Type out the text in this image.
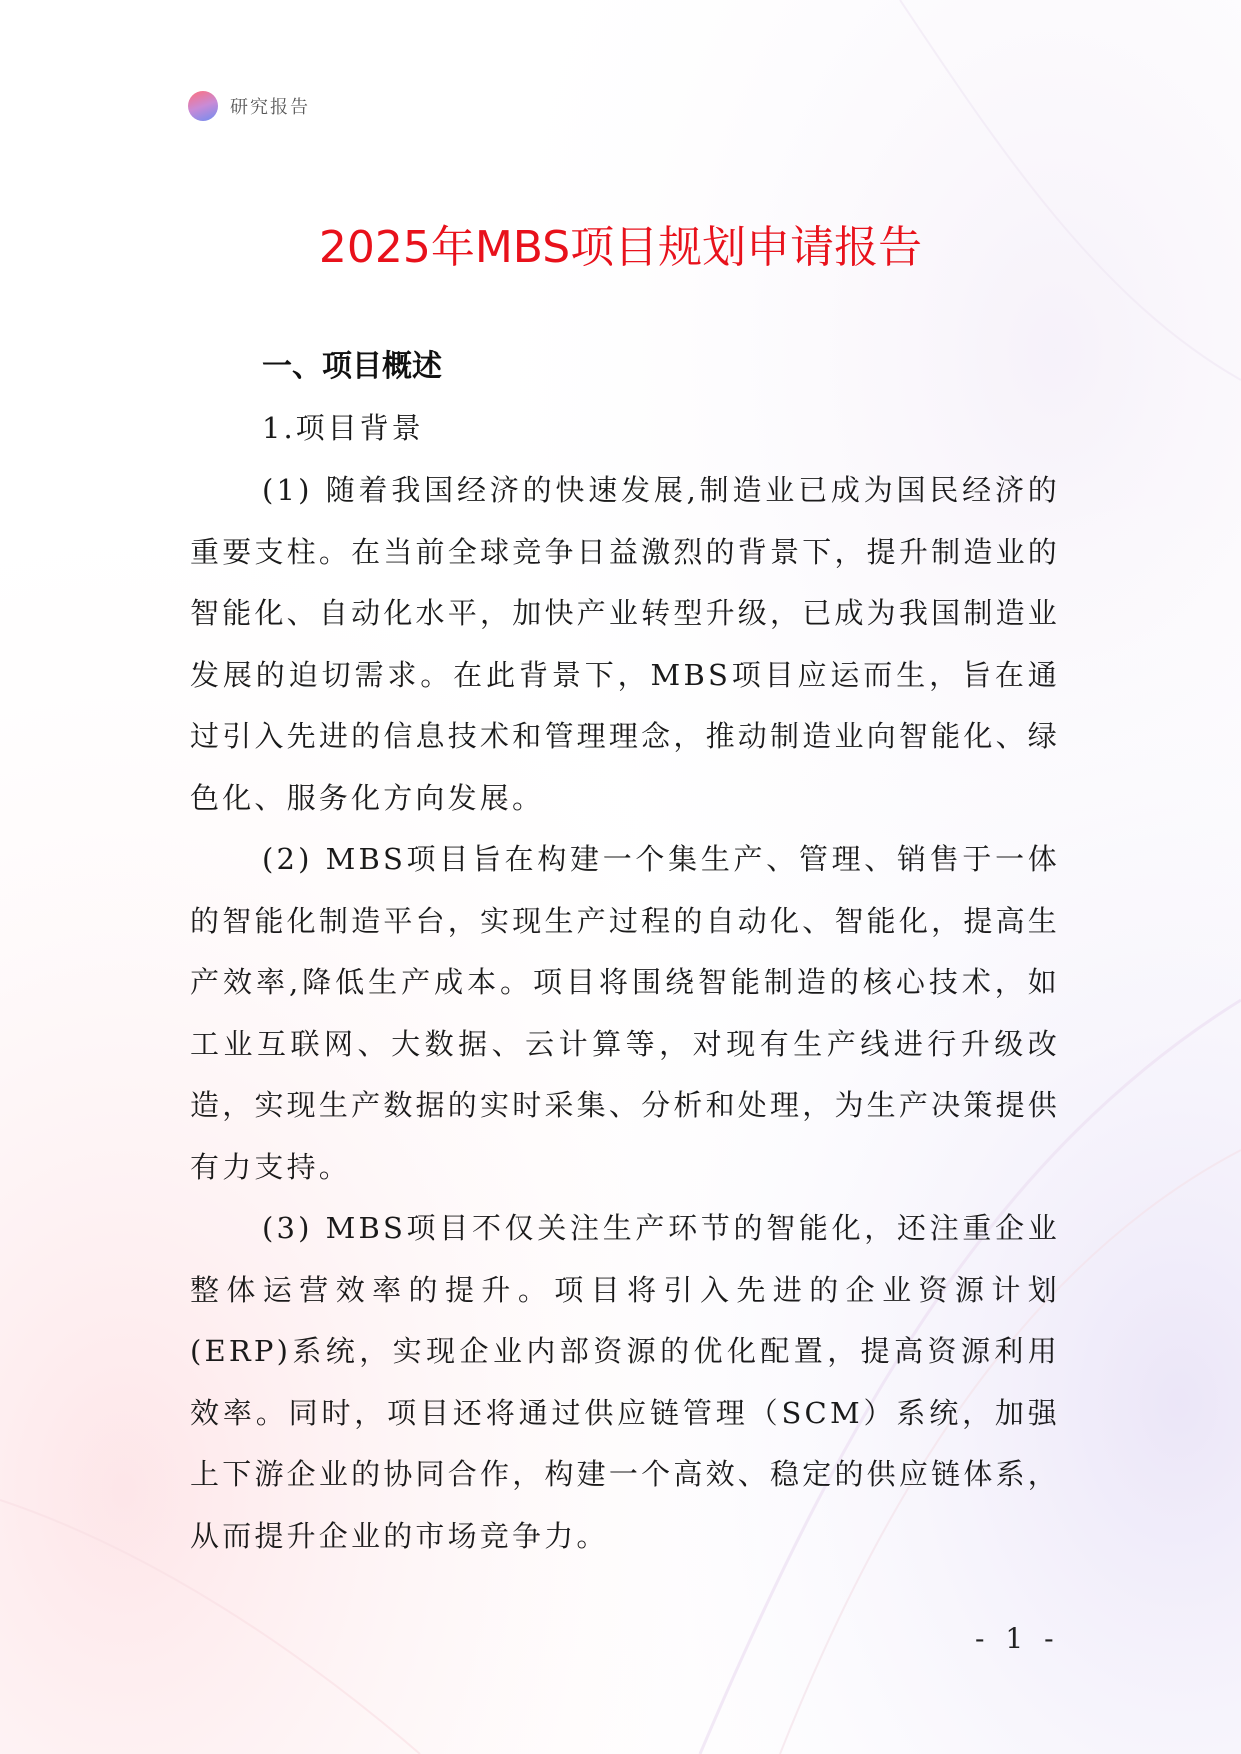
研究报告
2025年MBS项目规划申请报告
一、项目概述
1.项目背景

(1) 随着我国经济的快速发展,制造业已成为国民经济的重要支柱。在当前全球竞争日益激烈的背景下，提升制造业的智能化、自动化水平，加快产业转型升级，已成为我国制造业发展的迫切需求。在此背景下，MBS项目应运而生，旨在通过引入先进的信息技术和管理理念，推动制造业向智能化、绿色化、服务化方向发展。

(2) MBS项目旨在构建一个集生产、管理、销售于一体的智能化制造平台，实现生产过程的自动化、智能化，提高生产效率,降低生产成本。项目将围绕智能制造的核心技术，如工业互联网、大数据、云计算等，对现有生产线进行升级改造，实现生产数据的实时采集、分析和处理，为生产决策提供有力支持。

(3) MBS项目不仅关注生产环节的智能化，还注重企业整体运营效率的提升。项目将引入先进的企业资源计划(ERP)系统，实现企业内部资源的优化配置，提高资源利用效率。同时，项目还将通过供应链管理（SCM）系统，加强上下游企业的协同合作，构建一个高效、稳定的供应链体系，从而提升企业的市场竞争力。

- 1 -
